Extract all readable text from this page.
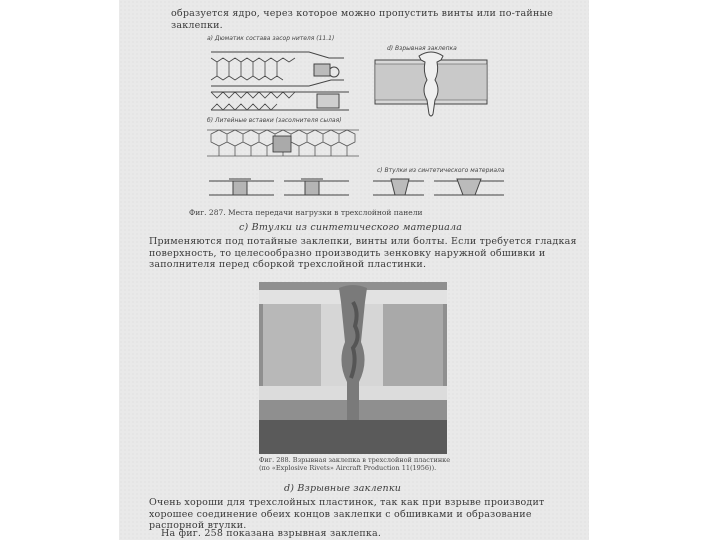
образуется ядро, через которое можно пропустить винты или по-тайные заклепки.
а) Дюматик состава засор нителя (11.1)
б) Литейные вставки (засолнителя сылая)
с) Втулки из синтетического материала
d) Взрывная заклепка
Фиг. 287. Места передачи нагрузки в трехслойной панели
с) Втулки из синтетического материала
Применяются под потайные заклепки, винты или болты. Если требуется гладкая поверхность, то целесообразно производить зенковку наружной обшивки и заполнителя перед сборкой трехслойной пластинки.
Фиг. 288. Взрывная заклепка в трехслойной пластинке (по «Explosive Rivets» Aircraft Production 11(1956)).
d) Взрывные заклепки
Очень хороши для трехслойных пластинок, так как при взрыве производит хорошее соединение обеих концов заклепки с обшивками и образование распорной втулки.
На фиг. 258 показана взрывная заклепка.
